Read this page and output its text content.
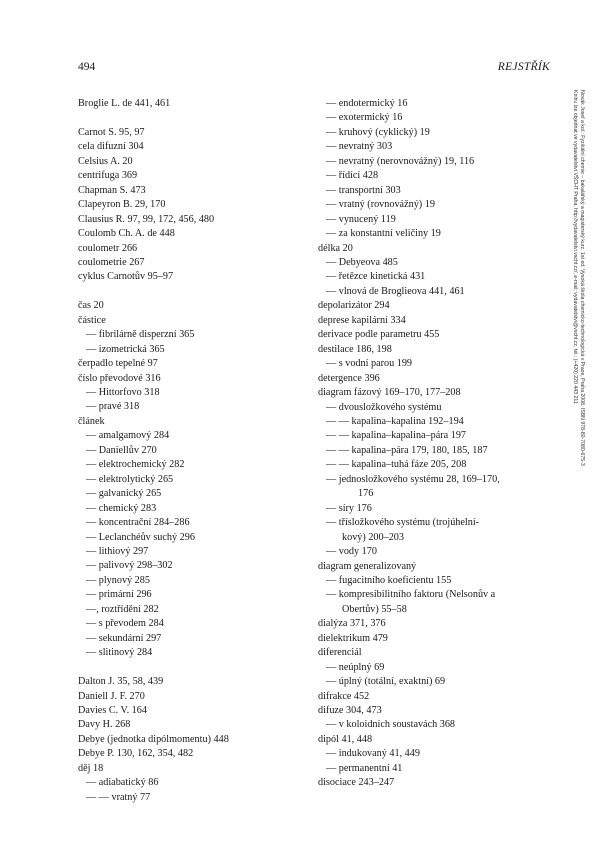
494	REJSTŘÍK
Broglie L. de 441, 461
Carnot S. 95, 97
cela difuzní 304
Celsius A. 20
centrifuga 369
Chapman S. 473
Clapeyron B. 29, 170
Clausius R. 97, 99, 172, 456, 480
Coulomb Ch. A. de 448
coulometr 266
coulometrie 267
cyklus Carnotův 95–97
čas 20
částice
— fibrilárně disperzní 365
— izometrická 365
čerpadlo tepelné 97
číslo převodové 316
— Hittorfovo 318
— pravé 318
článek
— amalgamový 284
— Daniellův 270
— elektrochemický 282
— elektrolytický 265
— galvanický 265
— chemický 283
— koncentrační 284–286
— Leclanchéův suchý 296
— lithiový 297
— palivový 298–302
— plynový 285
— primární 296
—, roztřídění 282
— s převodem 284
— sekundární 297
— slitinový 284
Dalton J. 35, 58, 439
Daniell J. F. 270
Davies C. V. 164
Davy H. 268
Debye (jednotka dipólmomentu) 448
Debye P. 130, 162, 354, 482
děj 18
— adiabatický 86
— — vratný 77
— endotermický 16
— exotermický 16
— kruhový (cyklický) 19
— nevratný 303
— nevratný (nerovnovážný) 19, 116
— řídící 428
— transportní 303
— vratný (rovnovážný) 19
— vynucený 119
— za konstantní veličiny 19
délka 20
— Debyeova 485
— řetězce kinetická 431
— vlnová de Broglieova 441, 461
depolarizátor 294
deprese kapilární 334
derivace podle parametru 455
destilace 186, 198
— s vodní parou 199
detergence 396
diagram fázový 169–170, 177–208
— dvousložkového systému
— — kapalina–kapalina 192–194
— — kapalina–kapalina–pára 197
— — kapalina–pára 179, 180, 185, 187
— — kapalina–tuhá fáze 205, 208
— jednosložkového systému 28, 169–170,
176
— síry 176
— třísložkového systému (trojúhelní-
kový) 200–203
— vody 170
diagram generalizovaný
— fugacitního koeficientu 155
— kompresibilitního faktoru (Nelsonův a
Obertův) 55–58
dialýza 371, 376
dielektrikum 479
diferenciál
— neúplný 69
— úplný (totální, exaktní) 69
difrakce 452
difuze 304, 473
— v koloidních soustavách 368
dipól 41, 448
— indukovaný 41, 449
— permanentní 41
disociace 243–247
Novák Josef a kol.: Fyzikální chemie – bakalářský a magisterský kurz. 1st ed. Vysoká škola chemicko-technologická v Praze, Praha 2008. ISBN 978-80-7080-675-3
Knihu lze objednat ve vydavatelství VŠCHT Praha, http://vydavatelstvi.vscht.cz/, e-mail: vydavatelstvi@vscht.cz, tel.: (+420) 220 443 211
